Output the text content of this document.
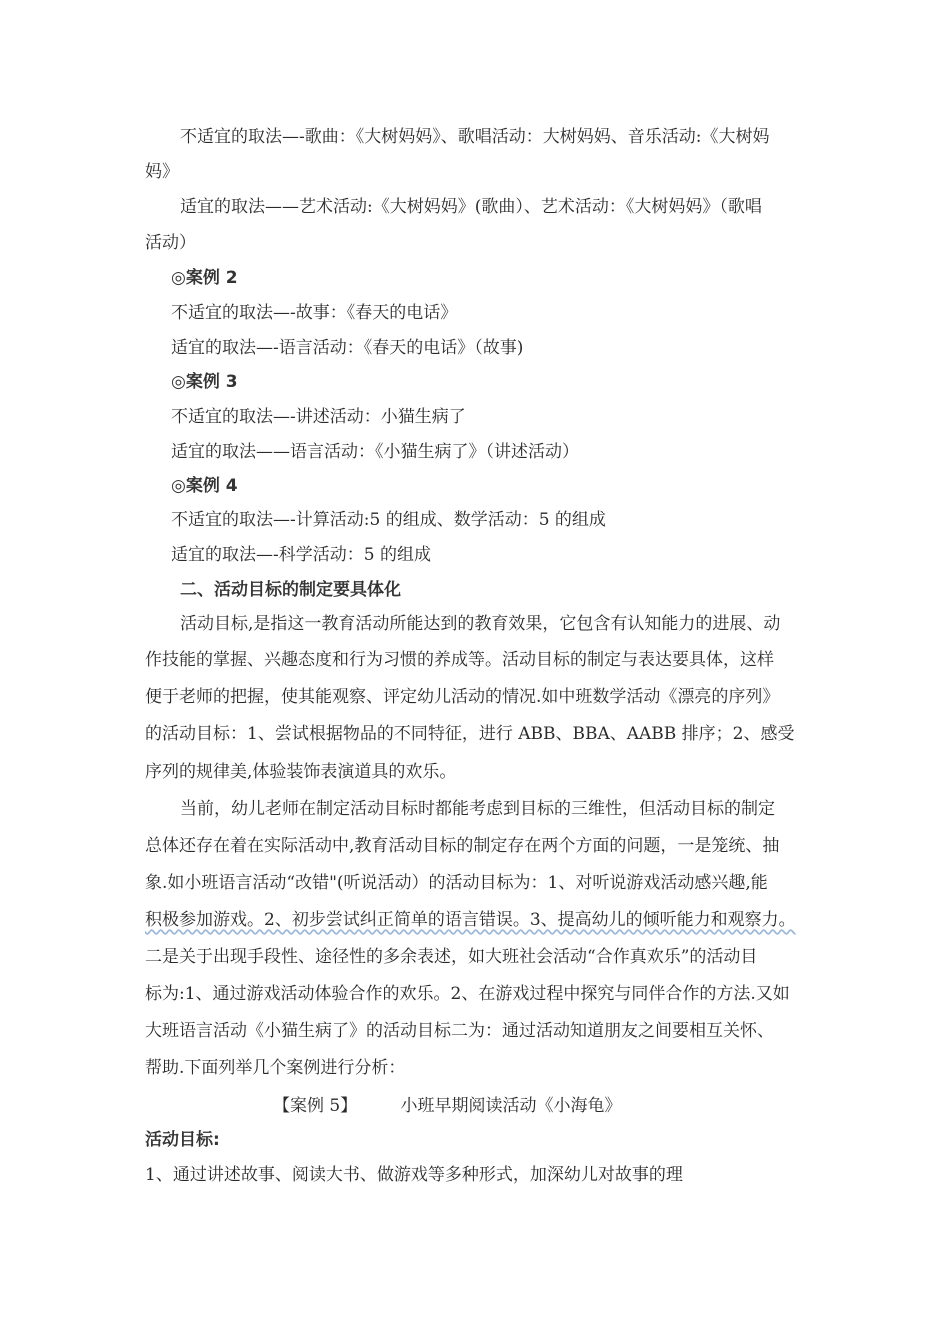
不适宜的取法—-歌曲：《大树妈妈》、歌唱活动：大树妈妈、音乐活动:《大树妈
妈》
适宜的取法——艺术活动:《大树妈妈》(歌曲）、艺术活动：《大树妈妈》（歌唱
活动）
◎案例 2
不适宜的取法—-故事：《春天的电话》
适宜的取法—-语言活动：《春天的电话》（故事)
◎案例 3
不适宜的取法—-讲述活动：小猫生病了
适宜的取法——语言活动：《小猫生病了》（讲述活动）
◎案例 4
不适宜的取法—-计算活动:5 的组成、数学活动：5 的组成
适宜的取法—-科学活动：5 的组成
二、活动目标的制定要具体化
活动目标,是指这一教育活动所能达到的教育效果，它包含有认知能力的进展、动
作技能的掌握、兴趣态度和行为习惯的养成等。活动目标的制定与表达要具体，这样
便于老师的把握，使其能观察、评定幼儿活动的情况.如中班数学活动《漂亮的序列》
的活动目标：1、尝试根据物品的不同特征，进行 ABB、BBA、AABB 排序；2、感受
序列的规律美,体验装饰表演道具的欢乐。
当前，幼儿老师在制定活动目标时都能考虑到目标的三维性，但活动目标的制定
总体还存在着在实际活动中,教育活动目标的制定存在两个方面的问题，一是笼统、抽
象.如小班语言活动“改错"(听说活动）的活动目标为：1、对听说游戏活动感兴趣,能
积极参加游戏。2、初步尝试纠正简单的语言错误。3、提高幼儿的倾听能力和观察力。
二是关于出现手段性、途径性的多余表述，如大班社会活动“合作真欢乐”的活动目
标为:1、通过游戏活动体验合作的欢乐。2、在游戏过程中探究与同伴合作的方法.又如
大班语言活动《小猫生病了》的活动目标二为：通过活动知道朋友之间要相互关怀、
帮助.下面列举几个案例进行分析：
【案例 5】        小班早期阅读活动《小海龟》
活动目标:
1、通过讲述故事、阅读大书、做游戏等多种形式，加深幼儿对故事的理
